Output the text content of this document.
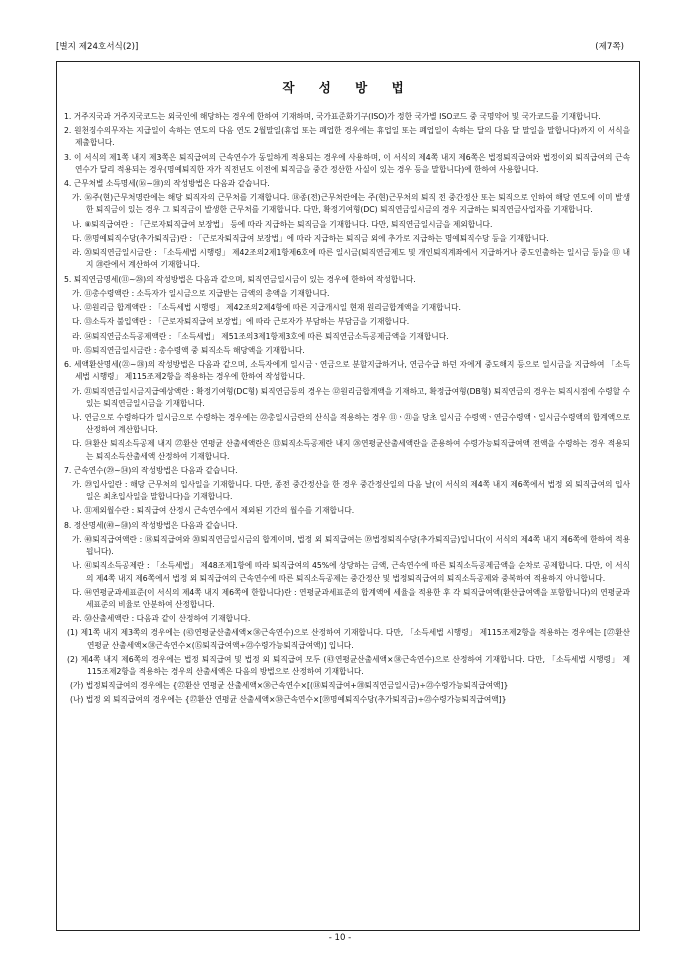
[별지 제24호서식(2)]	(제7쪽)
작 성 방 법

1. 거주지국과 거주지국코드는 외국인에 해당하는 경우에 한하여 기재하며, 국가표준화기구(ISO)가 정한 국가별 ISO코드 중 국명약어 및 국가코드를 기재합니다.

2. 원천징수의무자는 지급일이 속하는 연도의 다음 연도 2월말일(휴업 또는 폐업한 경우에는 휴업일 또는 폐업일이 속하는 달의 다음 달 말일을 말합니다)까지 이 서식을 제출합니다.

3. 이 서식의 제1쪽 내지 제3쪽은 퇴직급여의 근속연수가 동일하게 적용되는 경우에 사용하며, 이 서식의 제4쪽 내지 제6쪽은 법정퇴직급여와 법정이외 퇴직급여의 근속연수가 달리 적용되는 경우(명예퇴직한 자가 직전년도 이전에 퇴직금을 중간 정산한 사실이 있는 경우 등을 말합니다)에 한하여 사용합니다.

4. 근무처별 소득명세(⑯~⑳)의 작성방법은 다음과 같습니다.

가. ⑯주(현)근무처명란에는 해당 퇴직자의 근무처를 기재합니다. ⑱종(전)근무처란에는 주(현)근무처의 퇴직 전 중간정산 또는 퇴직으로 인하여 해당 연도에 이미 발생한 퇴직금이 있는 경우 그 퇴직금이 발생한 근무처를 기재합니다. 다만, 확정기여형(DC) 퇴직연금일시금의 경우 지급하는 퇴직연금사업자를 기재합니다.

나. ⑧퇴직급여란 : 「근로자퇴직급여 보장법」 등에 따라 지급하는 퇴직금을 기재합니다. 다만, 퇴직연금일시금을 제외합니다.

다. ⑲명예퇴직수당(추가퇴직금)란 : 「근로자퇴직급여 보장법」에 따라 지급하는 퇴직금 외에 추가로 지급하는 명예퇴직수당 등을 기재합니다.

라. ⑳퇴직연금일시금란 : 「소득세법 시행령」 제42조의2제1항제6호에 따른 일시금(퇴직연금제도 및 개인퇴직계좌에서 지급하거나 중도인출하는 일시금 등)을 ⑪ 내지 ⑳란에서 계산하여 기재합니다.

5. 퇴직연금명세(⑪~㉘)의 작성방법은 다음과 같으며, 퇴직연금일시금이 있는 경우에 한하여 작성합니다.

가. ⑪총수령액란 : 소득자가 일시금으로 지급받는 금액의 총액을 기재합니다.

나. ⑫원리금 합계액란 : 「소득세법 시행령」 제42조의2제4항에 따른 지급개시일 현재 원리금합계액을 기재합니다.

다. ⑬소득자 불입액란 : 「근로자퇴직급여 보장법」에 따라 근로자가 부담하는 부담금을 기재합니다.

라. ⑭퇴직연금소득공제액란 : 「소득세법」 제51조의3제1항제3호에 따른 퇴직연금소득공제금액을 기재합니다.

마. ⑮퇴직연금일시금란 : 총수령액 중 퇴직소득 해당액을 기재합니다.

6. 세액환산명세(㉑~㉘)의 작성방법은 다음과 같으며, 소득자에게 일시금ㆍ연금으로 분할지급하거나, 연금수급 하던 자에게 중도해지 등으로 일시금을 지급하여 「소득세법 시행령」 제115조제2항을 적용하는 경우에 한하여 작성합니다.

가. ㉑퇴직연금일시금지급예상액란 : 확정기여형(DC형) 퇴직연금등의 경우는 ⑫원리금합계액을 기재하고, 확정급여형(DB형) 퇴직연금의 경우는 퇴직시점에 수령할 수 있는 퇴직연금일시금을 기재합니다.

나. 연금으로 수령하다가 일시금으로 수령하는 경우에는 ㉒총일시금란의 산식을 적용하는 경우 ⑪ㆍ㉑을 당초 일시금 수령액ㆍ연금수령액ㆍ일시금수령액의 합계액으로 산정하여 계산합니다.

다. ㉔환산 퇴직소득공제 내지 ㉗환산 연평균 산출세액란은 ⑬퇴직소득공제란 내지 ㉘연평균산출세액란을 준용하여 수령가능퇴직급여액 전액을 수령하는 경우 적용되는 퇴직소득산출세액 산정하여 기재합니다.

7. 근속연수(㉙~㉞)의 작성방법은 다음과 같습니다.

가. ㉙입사일란 : 해당 근무처의 입사일을 기재합니다. 다만, 종전 중간정산을 한 경우 중간정산일의 다음 날(이 서식의 제4쪽 내지 제6쪽에서 법정 외 퇴직급여의 입사일은 최초입사일을 말합니다)을 기재합니다.

나. ㉛제외월수란 : 퇴직급여 산정시 근속연수에서 제외된 기간의 월수를 기재합니다.

8. 정산명세(㊵~㊿)의 작성방법은 다음과 같습니다.

가. ㊵퇴직급여액란 : ⑱퇴직급여와 ⑳퇴직연금일시금의 합계이며, 법정 외 퇴직급여는 ⑲법정퇴직수당(추가퇴직금)입니다(이 서식의 제4쪽 내지 제6쪽에 한하여 적용됩니다).

나. ㊶퇴직소득공제란 : 「소득세법」 제48조제1항에 따라 퇴직급여의 45%에 상당하는 금액, 근속연수에 따른 퇴직소득공제금액을 순차로 공제합니다. 다만, 이 서식의 제4쪽 내지 제6쪽에서 법정 외 퇴직급여의 근속연수에 따른 퇴직소득공제는 중간정산 및 법정퇴직급여의 퇴직소득공제와 중복하여 적용하지 아니합니다.

다. ㊹연평균과세표준(이 서식의 제4쪽 내지 제6쪽에 한합니다)란 : 연평균과세표준의 합계액에 세율을 적용한 후 각 퇴직급여액(환산급여액을 포함합니다)의 연평균과세표준의 비율로 안분하여 산정합니다.

라. ㊿산출세액란 : 다음과 같이 산정하여 기재합니다.

(1) 제1쪽 내지 제3쪽의 경우에는 (㊸연평균산출세액×㊳근속연수)으로 산정하여 기재합니다. 다만, 「소득세법 시행령」 제115조제2항을 적용하는 경우에는 [㉗환산 연평균 산출세액×㊳근속연수×(⑮퇴직급여액÷㉓수령가능퇴직급여액)] 입니다.

(2) 제4쪽 내지 제6쪽의 경우에는 법정 퇴직급여 및 법정 외 퇴직급여 모두 (㊸연평균산출세액×㊳근속연수)으로 산정하여 기재합니다. 다만, 「소득세법 시행령」 제115조제2항을 적용하는 경우의 산출세액은 다음의 방법으로 산정하여 기재합니다.

(가) 법정퇴직급여의 경우에는 {㉗환산 연평균 산출세액×㊳근속연수×[(⑱퇴직급여+⑳퇴직연금일시금)÷㉓수령가능퇴직급여액]}

(나) 법정 외 퇴직급여의 경우에는 {㉗환산 연평균 산출세액×㊳근속연수×[⑲명예퇴직수당(추가퇴직금)÷㉓수령가능퇴직급여액]}

- 10 -
